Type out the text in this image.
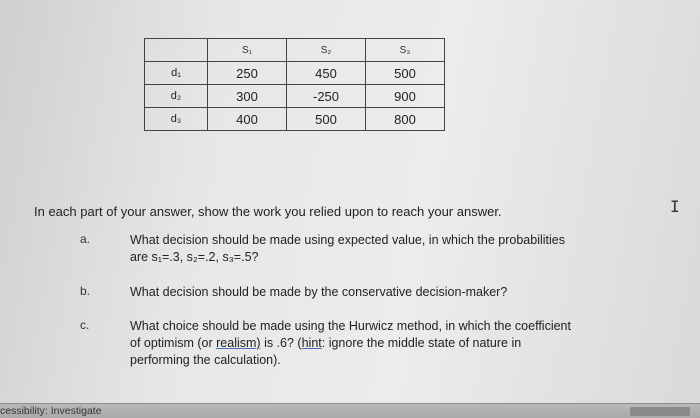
	S₁	S₂	S₃
d₁	250	450	500
d₂	300	-250	900
d₃	400	500	800
In each part of your answer, show the work you relied upon to reach your answer.
a.	What decision should be made using expected value, in which the probabilities
are s₁=.3, s₂=.2, s₃=.5?
b.	What decision should be made by the conservative decision-maker?
c.	What choice should be made using the Hurwicz method, in which the coefficient
of optimism (or realism) is .6? (hint: ignore the middle state of nature in
performing the calculation).
I
cessibility: Investigate
